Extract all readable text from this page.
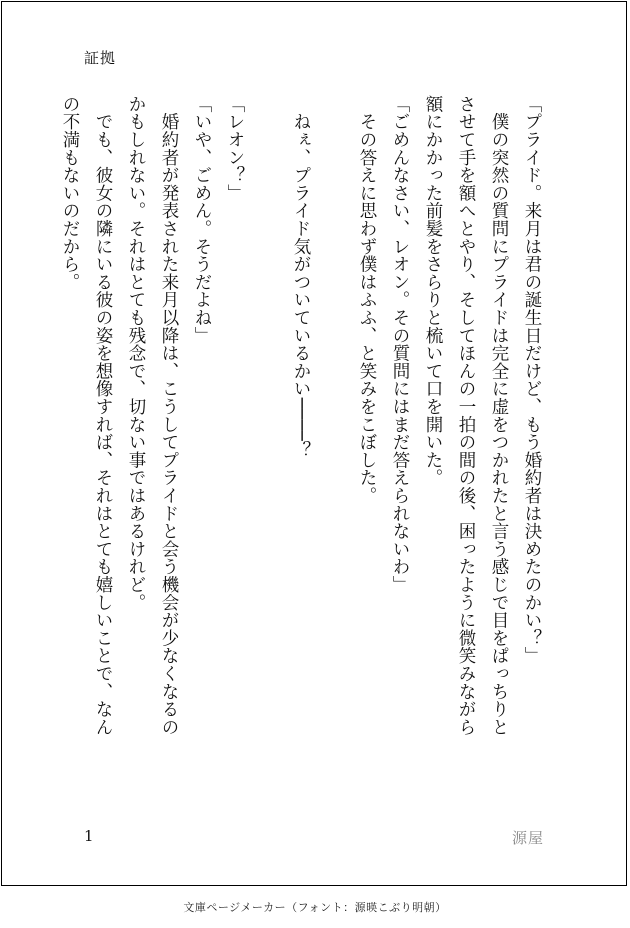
証拠
「プライド。来月は君の誕生日だけど、もう婚約者は決めたのかい？」
　僕の突然の質問にプライドは完全に虚をつかれたと言う感じで目をぱっちりと
させて手を額へとやり、そしてほんの一拍の間の後、困ったように微笑みながら
額にかかった前髪をさらりと梳いて口を開いた。
「ごめんなさい、レオン。その質問にはまだ答えられないわ」
　その答えに思わず僕はふふ、と笑みをこぼした。

　ねぇ、プライド気がついているかい────？

「レオン？」
「いや、ごめん。そうだよね」
　婚約者が発表された来月以降は、こうしてプライドと会う機会が少なくなるの
かもしれない。それはとても残念で、切ない事ではあるけれど。
　でも、彼女の隣にいる彼の姿を想像すれば、それはとても嬉しいことで、なん
の不満もないのだから。
1	源屋
文庫ページメーカー（フォント：源暎こぶり明朝）
